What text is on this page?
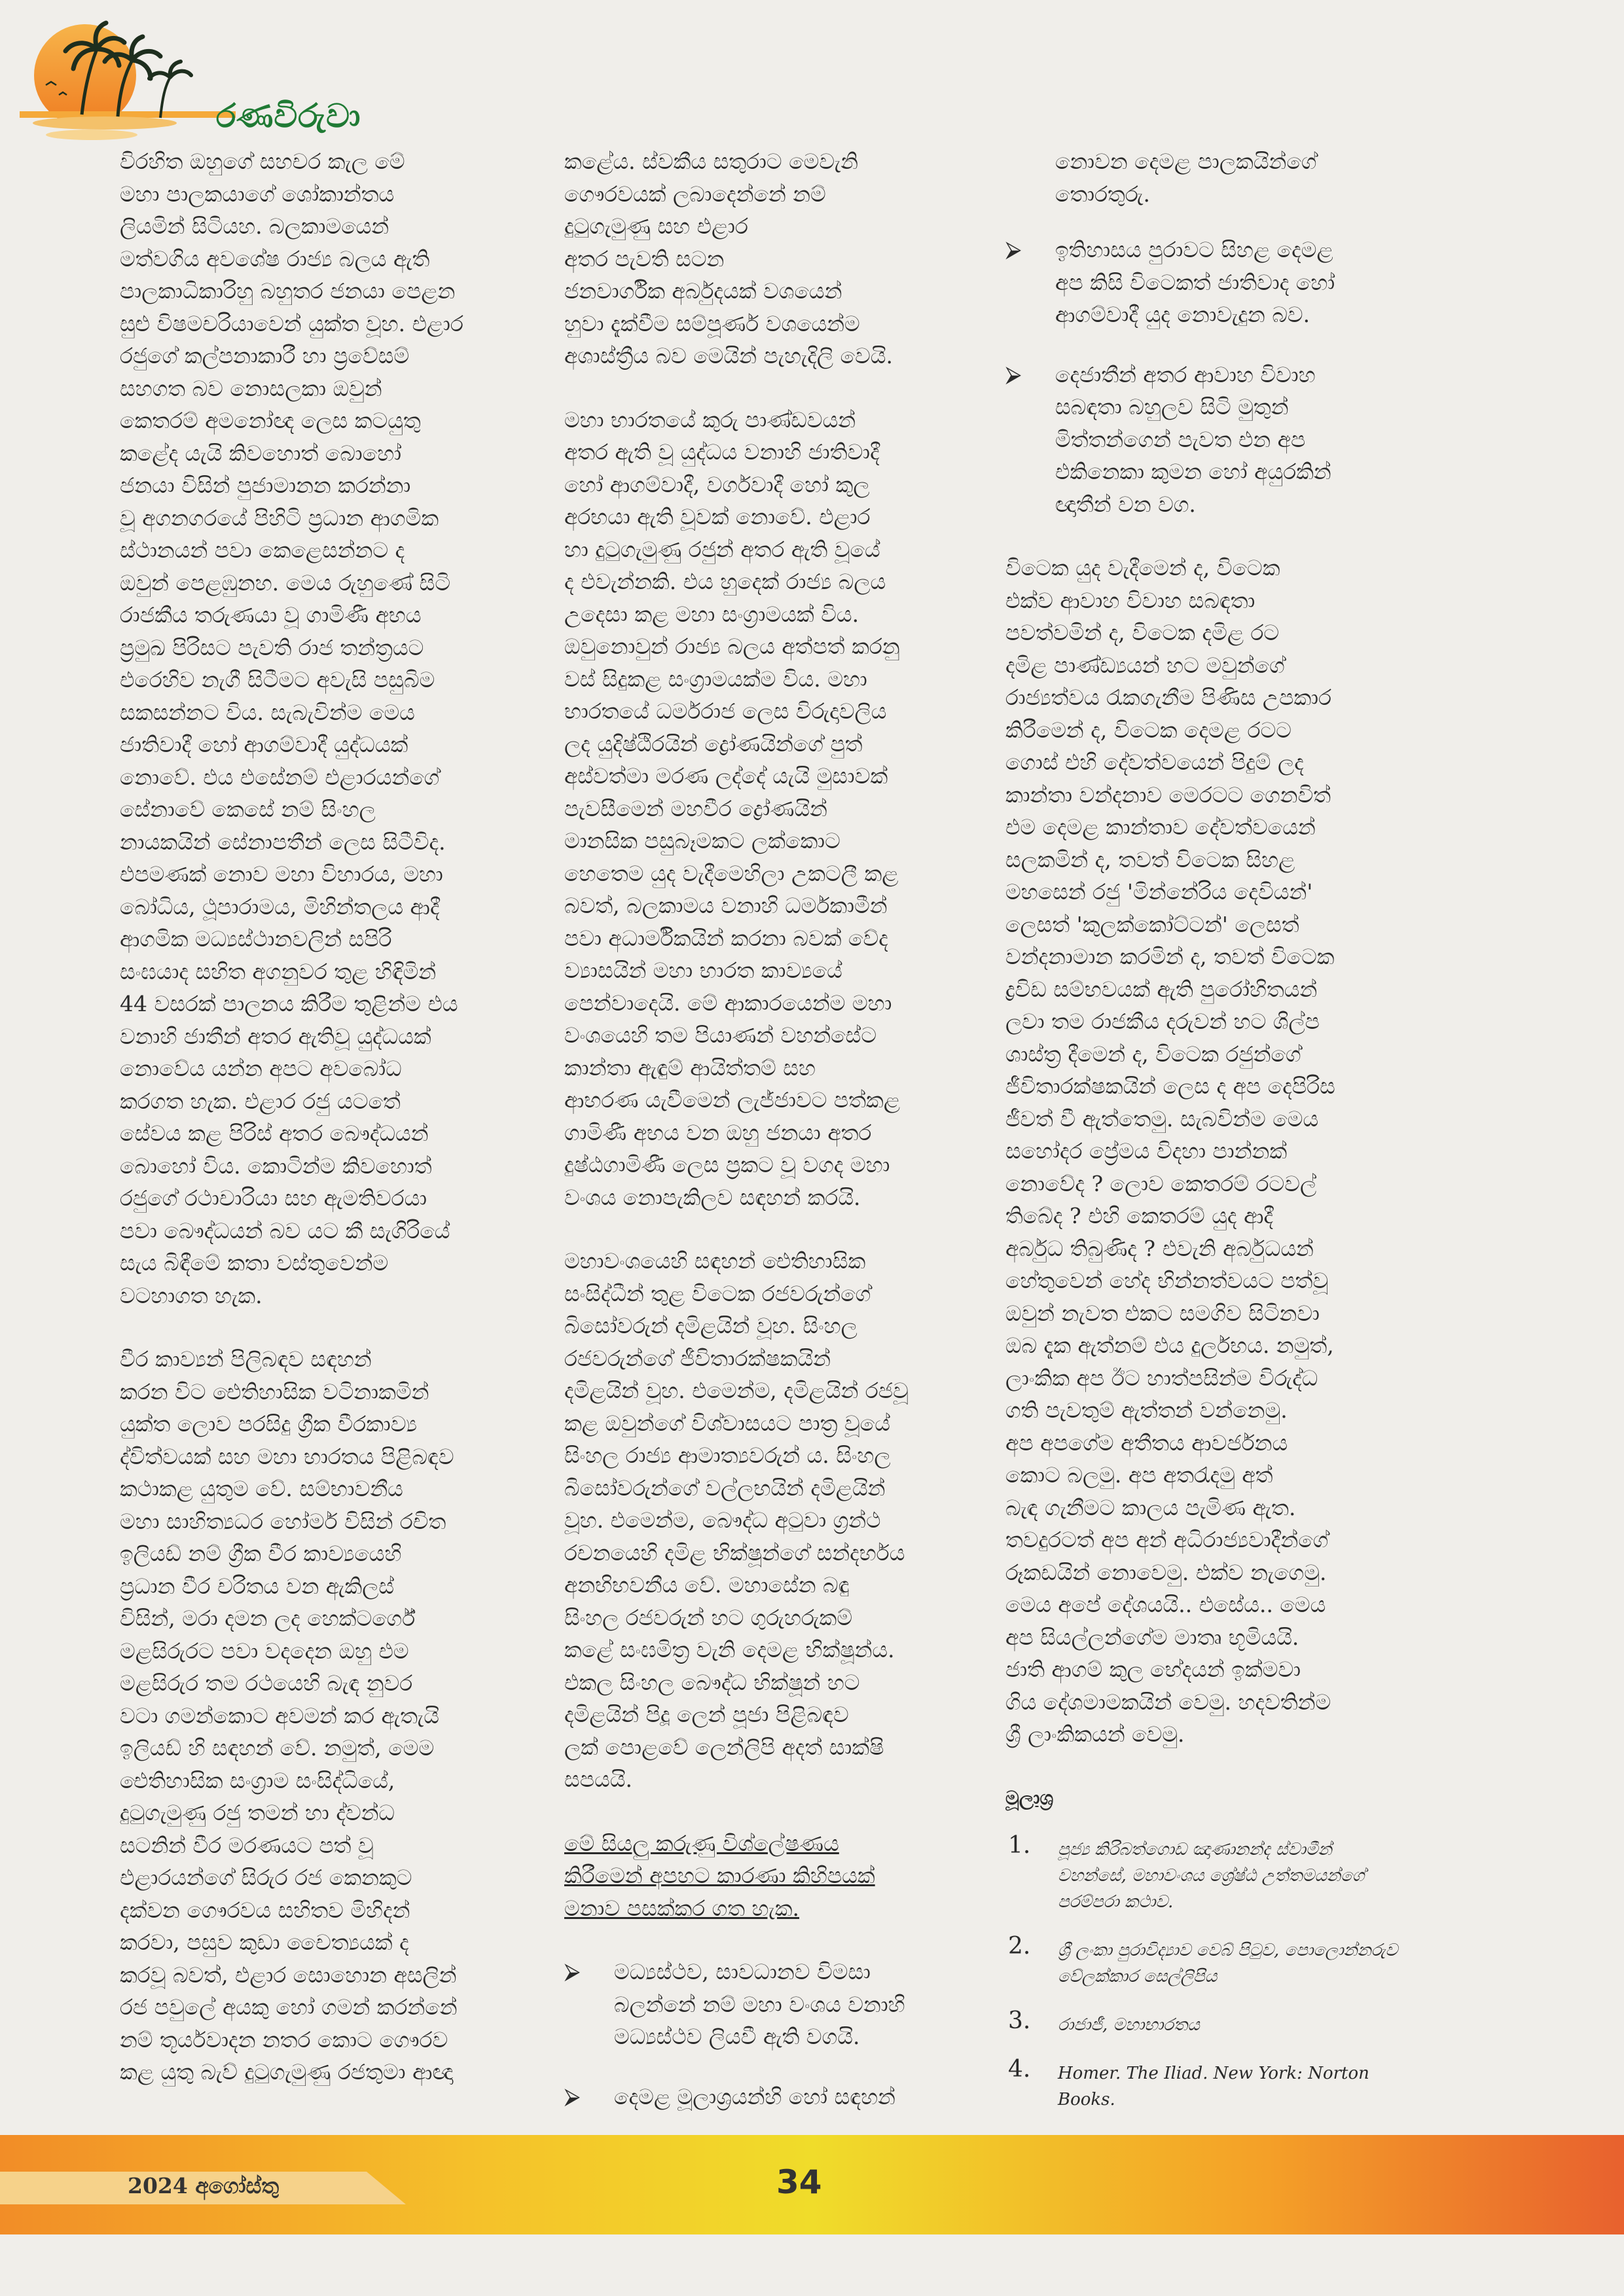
රණවිරුවා

විරහිත ඔහුගේ සහචර කැල මේ
මහා පාලකයාගේ ශෝකාන්තය
ලියමින් සිටියහ. බලකාමයෙන්
මත්වගිය අවශේෂ රාජ්‍ය බලය ඇති
පාලකාධිකාරිහු බහුතර ජනයා පෙළන
සුළු විෂමචරියාවෙන් යුක්ත වූහ. එළාර
රජුගේ කල්පනාකාරී හා ප්‍රවේසම්
සහගත බව නොසලකා ඔවුන්
කෙතරම් අමනෝඥ ලෙස කටයුතු
කළේද යැයි කිවහොත් බොහෝ
ජනයා විසින් පුජාමානන කරන්නා
වූ අගනගරයේ පිහිටි ප්‍රධාන ආගමික
ස්ථානයන් පවා කෙළෙසන්නට ද
ඔවුන් පෙළඹුනහ. මෙය රුහුණේ සිටි
රාජකීය තරුණයා වූ ගාමිණී අභය
ප්‍රමුඛ පිරිසට පැවති රාජ තන්ත්‍රයට
එරෙහිව නැගී සිටීමට අවැසි පසුබිම
සකසන්නට විය. සැබැවින්ම මෙය
ජාතිවාදී හෝ ආගම්වාදී යුද්ධයක්
නොවේ. එය එසේනම් එළාරයන්ගේ
සේනාවේ කෙසේ නම් සිංහල
නායකයින් සේනාපතීන් ලෙස සිටීවිද.
එපමණක් නොව මහා විහාරය, මහා
බෝධිය, ථූපාරාමය, මිහින්තලය ආදී
ආගමික මධ්‍යස්ථානවලින් සපිරි
සංඝයාද සහිත අගනුවර තුළ හිඳිමින්
44 වසරක් පාලනය කිරීම තුළින්ම එය
වනාහි ජාතීන් අතර ඇතිවූ යුද්ධයක්
නොවේය යන්න අපට අවබෝධ
කරගත හැක. එළාර රජු යටතේ
සේවය කළ පිරිස් අතර බෞද්ධයන්
බොහෝ විය. කොටින්ම කිවහොත්
රජුගේ රථාචාරියා සහ ඇමතිවරයා
පවා බෞද්ධයන් බව යට කී සැගිරියේ
සැය බිඳීමේ කතා වස්තුවෙන්ම
වටහාගත හැක.

වීර කාව්‍යන් පිලිබඳව සඳහන්
කරන විට ඓතිහාසික වටිනාකමින්
යුක්ත ලොව පරසිදු ග්‍රීක වීරකාව්‍ය
ද්විත්වයක් සහ මහා භාරතය පිළිබඳව
කථාකළ යුතුම වේ. සම්භාවනීය
මහා සාහිත්‍යධර හෝමර් විසින් රචිත
ඉලියඩ් නම් ග්‍රීක වීර කාව්‍යයෙහි
ප්‍රධාන වීර චරිතය වන ඇකිලස්
විසින්, මරා දමන ලද හෙක්ටර්ගේ
මළසිරුරට පවා වදදෙන ඔහු එම
මළසිරුර තම රථයෙහි බැඳ නුවර
වටා ගමන්කොට අවමන් කර ඇතැයි
ඉලියඩ් හි සඳහන් වේ. නමුත්, මෙම
ඓතිහාසික සංග්‍රාම සංසිද්ධියේ,
දුටුගැමුණු රජු තමන් හා ද්වන්ධ
සටනින් වීර මරණයට පත් වූ
එළාරයන්ගේ සිරුර රජ කෙනකුට
දක්වන ගෞරවය සහිතව මිහිදන්
කරවා, පසුව කුඩා චෛත්‍යයක් ද
කරවූ බවත්, එළාර සොහොන අසලින්
රජ පවුලේ අයකු හෝ ගමන් කරන්නේ
නම් තූර්යවාදන නතර කොට ගෞරව
කළ යුතු බැව් දුටුගැමුණු රජතුමා ආඥා

කළේය. ස්වකීය සතුරාට මෙවැනි
ගෞරවයක් ලබාදෙන්නේ නම්
දුටුගැමුණු සහ එළාර
අතර පැවති සටන
ජනවාර්ගික අර්බුදයක් වශයෙන්
හුවා දැක්වීම සම්පූර්ණ වශයෙන්ම
අශාස්ත්‍රීය බව මෙයින් පැහැදිලි වෙයි.

මහා භාරතයේ කුරු පාණ්ඩවයන්
අතර ඇති වූ යුද්ධය වනාහි ජාතිවාදී
හෝ ආගම්වාදී, වර්ගවාදී හෝ කුල
අරභයා ඇති වූවක් නොවේ. එළාර
හා දුටුගැමුණු රජුන් අතර ඇති වූයේ
ද එවැන්නකි. එය හුදෙක් රාජ්‍ය බලය
උදෙසා කළ මහා සංග්‍රාමයක් විය.
ඔවුනොවුන් රාජ්‍ය බලය අත්පත් කරනු
වස් සිදුකළ සංග්‍රාමයක්ම විය. මහා
භාරතයේ ධර්මරාජ ලෙස විරුදාවලිය
ලද යුදිෂ්ඨිරයින් ද්‍රෝණයින්ගේ පුත්
අස්වත්මා මරණ ලද්දේ යැයි මුසාවක්
පැවසීමෙන් මහවීර ද්‍රෝණයින්
මානසික පසුබෑමකට ලක්කොට
හෙතෙම යුද වැදීමෙහිලා උකටලී කළ
බවත්, බලකාමය වනාහි ධර්මකාමීන්
පවා අධාර්මිකයින් කරනා බවක් වේද
ව්‍යාසයින් මහා භාරත කාව්‍යයේ
පෙන්වාදෙයි. මේ ආකාරයෙන්ම මහා
වංශයෙහි තම පියාණන් වහන්සේට
කාන්තා ඇඳුම් ආයිත්තම් සහ
ආභරණ යැවීමෙන් ලැජ්ජාවට පත්කළ
ගාමිණී අභය වන ඔහු ජනයා අතර
දුෂ්ඨගාමිණී ලෙස ප්‍රකට වූ වගද මහා
වංශය නොපැකිලව සඳහන් කරයි.

මහාවංශයෙහි සඳහන් ඓතිහාසික
සංසිද්ධීන් තුළ විටෙක රජවරුන්ගේ
බිසෝවරුන් දමිළයින් වූහ. සිංහල
රජවරුන්ගේ ජීවිතාරක්ෂකයින්
දමිළයින් වූහ. එමෙන්ම, දමිළයින් රජවූ
කළ ඔවුන්ගේ විශ්වාසයට පාත්‍ර වූයේ
සිංහල රාජ්‍ය ආමාත්‍යවරුන් ය. සිංහල
බිසෝවරුන්ගේ වල්ලභයින් දමිළයින්
වූහ. එමෙන්ම, බෞද්ධ අටුවා ග්‍රන්ථ
රචනයෙහි දමිළ භික්ෂූන්ගේ සන්දර්භය
අනභිභවනීය වේ. මහාසේන බඳු
සිංහල රජවරුන් හට ගුරුහරුකම්
කළේ සංඝමිත්‍ර වැනි දෙමළ භික්ෂූන්ය.
එකල සිංහල බෞද්ධ භික්ෂූන් හට
දමිළයින් පිදූ ලෙන් පූජා පිළිබඳව
ලක් පොළවේ ලෙන්ලිපි අදත් සාක්ෂි
සපයයි.

මේ සියලු කරුණු විශ්ලේෂණය
කිරීමෙන් අපහට කාරණා කිහිපයක්
මනාව පසක්කර ගත හැක.

⮚ මධ්‍යස්ථව, සාවධානව විමසා
බලන්නේ නම් මහා වංශය වනාහි
මධ්‍යස්ථව ලියවී ඇති වගයි.
⮚ දෙමළ මූලාශ්‍රයන්හි හෝ සඳහන්

නොවන දෙමළ පාලකයින්ගේ
තොරතුරු.

⮚ ඉතිහාසය පුරාවට සිහළ දෙමළ
අප කිසි විටෙකත් ජාතිවාද හෝ
ආගම්වාදී යුද නොවැදුන බව.
⮚ දෙජාතීන් අතර ආවාහ විවාහ
සබඳතා බහුලව සිටි මුතුන්
මිත්තන්ගෙන් පැවත එන අප
එකිනෙකා කුමන හෝ අයුරකින්
ඥාතීන් වන වග.

විටෙක යුද වැදීමෙන් ද, විටෙක
එක්ව ආවාහ විවාහ සබඳතා
පවත්වමින් ද, විටෙක දමිළ රට
දමිළ පාණ්ඩ්‍යයන් හට මවුන්ගේ
රාජ්‍යත්වය රැකගැනීම පිණිස උපකාර
කිරීමෙන් ද, විටෙක දෙමළ රටට
ගොස් එහි දේවත්වයෙන් පිදුම් ලද
කාන්තා වන්දනාව මෙරටට ගෙනවිත්
එම දෙමළ කාන්තාව දේවත්වයෙන්
සලකමින් ද, තවත් විටෙක සිහළ
මහසෙන් රජු 'මින්නේරිය දෙවියන්'
ලෙසත් 'කුලක්කෝට්ටන්' ලෙසත්
වන්දනාමාන කරමින් ද, තවත් විටෙක
ද්‍රවිඩ සම්භවයක් ඇති පුරෝහිතයන්
ලවා තම රාජකීය දරුවන් හට ශිල්ප
ශාස්ත්‍ර දීමෙන් ද, විටෙක රජුන්ගේ
ජීවිතාරක්ෂකයින් ලෙස ද අප දෙපිරිස
ජීවත් වී ඇත්තෙමු. සැබවින්ම මෙය
සහෝදර ප්‍රේමය විදහා පාන්නක්
නොවේද ? ලොව කෙතරම් රටවල්
තිබේද ? එහි කෙතරම් යුද ආදී
අර්බුධ තිබුණිද ? එවැනි අර්බුධයන්
හේතුවෙන් හේද භින්නත්වයට පත්වූ
ඔවුන් නැවත එකට සමගිව සිටිනවා
ඔබ දැක ඇත්නම් එය දුර්ලභය. නමුත්,
ලාංකික අප ඊට හාත්පසින්ම විරුද්ධ
ගති පැවතුම් ඇත්තන් වන්නෙමු.
අප අපගේම අතීතය ආවර්ජනය
කොට බලමු. අප අතරැදමු අත්
බැඳ ගැනීමට කාලය පැමිණ ඇත.
තවදුරටත් අප අන් අධිරාජ්‍යවාදීන්ගේ
රූකඩයින් නොවෙමු. එක්ව නැගෙමු.
මෙය අපේ දේශයයි.. එසේය.. මෙය
අප සියල්ලන්ගේම මාතෘ භූමියයි.
ජාති ආගම් කුල භේදයන් ඉක්මවා
ගිය දේශමාමකයින් වෙමු. හදවතින්ම
ශ්‍රී ලාංකිකයන් වෙමු.

මූලාශ්‍ර
1. පූජ්‍ය කිරිබත්ගොඩ ඤාණානන්ද ස්වාමීන්
වහන්සේ, මහාවංශය ශ්‍රේෂ්ඨ උත්තමයන්ගේ
පරම්පරා කථාව.
2. ශ්‍රී ලංකා පුරාවිද්‍යාව වෙබ් පිටුව, පොලොන්නරුව
වේලක්කාර සෙල්ලිපිය
3. රාජාජී, මහාභාරතය
4. Homer. The Iliad. New York: Norton
Books.
2024 අගෝස්තු	34
